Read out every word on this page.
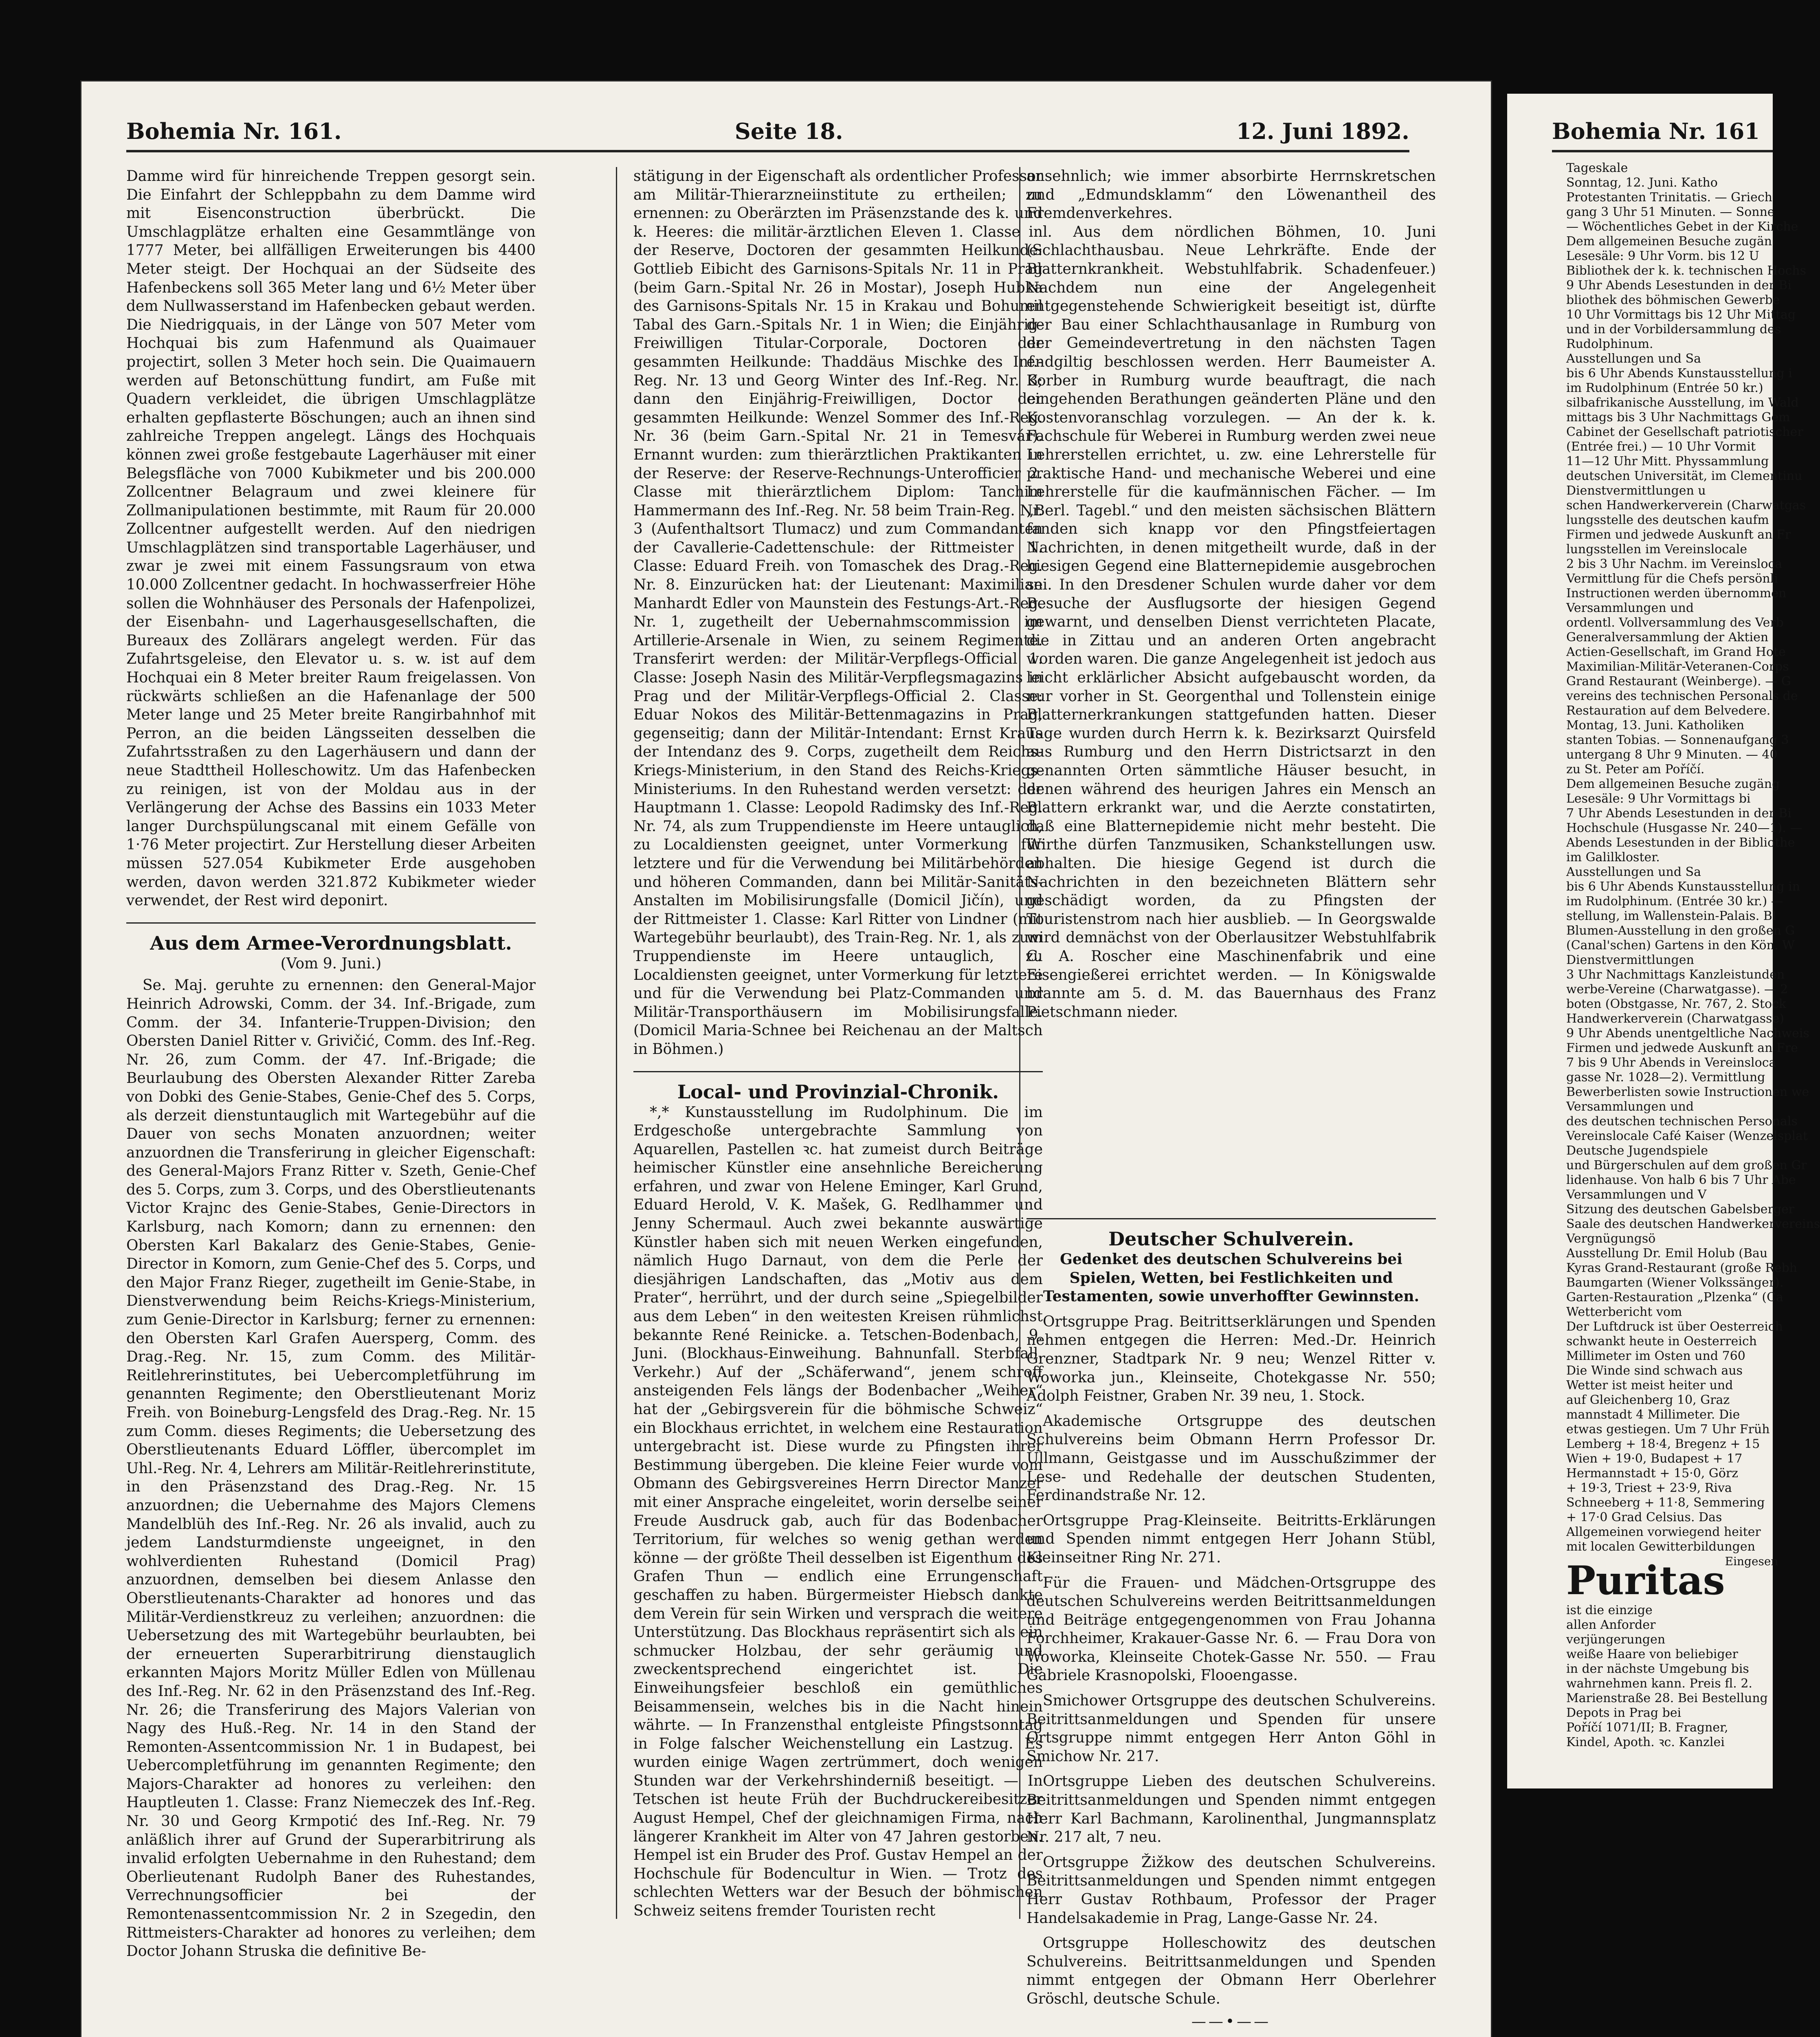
Bohemia Nr. 161.	Seite 18.	12. Juni 1892.

Damme wird für hinreichende Treppen gesorgt sein. Die Einfahrt der Schleppbahn zu dem Damme wird mit Eisenconstruction überbrückt. Die Umschlagplätze erhalten eine Gesammtlänge von 1777 Meter, bei allfälligen Erweiterungen bis 4400 Meter steigt. Der Hochquai an der Südseite des Hafenbeckens soll 365 Meter lang und 6½ Meter über dem Nullwasserstand im Hafenbecken gebaut werden. Die Niedrigquais, in der Länge von 507 Meter vom Hochquai bis zum Hafenmund als Quaimauer projectirt, sollen 3 Meter hoch sein. Die Quaimauern werden auf Betonschüttung fundirt, am Fuße mit Quadern verkleidet, die übrigen Umschlagplätze erhalten gepflasterte Böschungen; auch an ihnen sind zahlreiche Treppen angelegt. Längs des Hochquais können zwei große festgebaute Lagerhäuser mit einer Belegsfläche von 7000 Kubikmeter und bis 200.000 Zollcentner Belagraum und zwei kleinere für Zollmanipulationen bestimmte, mit Raum für 20.000 Zollcentner aufgestellt werden. Auf den niedrigen Umschlagplätzen sind transportable Lagerhäuser, und zwar je zwei mit einem Fassungsraum von etwa 10.000 Zollcentner gedacht. In hochwasserfreier Höhe sollen die Wohnhäuser des Personals der Hafenpolizei, der Eisenbahn- und Lagerhausgesellschaften, die Bureaux des Zollärars angelegt werden. Für das Zufahrtsgeleise, den Elevator u. s. w. ist auf dem Hochquai ein 8 Meter breiter Raum freigelassen. Von rückwärts schließen an die Hafenanlage der 500 Meter lange und 25 Meter breite Rangirbahnhof mit Perron, an die beiden Längsseiten desselben die Zufahrtsstraßen zu den Lagerhäusern und dann der neue Stadttheil Holleschowitz. Um das Hafenbecken zu reinigen, ist von der Moldau aus in der Verlängerung der Achse des Bassins ein 1033 Meter langer Durchspülungscanal mit einem Gefälle von 1·76 Meter projectirt. Zur Herstellung dieser Arbeiten müssen 527.054 Kubikmeter Erde ausgehoben werden, davon werden 321.872 Kubikmeter wieder verwendet, der Rest wird deponirt.

Aus dem Armee-Verordnungsblatt.
(Vom 9. Juni.)

Se. Maj. geruhte zu ernennen: den General-Major Heinrich Adrowski, Comm. der 34. Inf.-Brigade, zum Comm. der 34. Infanterie-Truppen-Division; den Obersten Daniel Ritter v. Grivičić, Comm. des Inf.-Reg. Nr. 26, zum Comm. der 47. Inf.-Brigade; die Beurlaubung des Obersten Alexander Ritter Zareba von Dobki des Genie-Stabes, Genie-Chef des 5. Corps, als derzeit dienstuntauglich mit Wartegebühr auf die Dauer von sechs Monaten anzuordnen; weiter anzuordnen die Transferirung in gleicher Eigenschaft: des General-Majors Franz Ritter v. Szeth, Genie-Chef des 5. Corps, zum 3. Corps, und des Oberstlieutenants Victor Krajnc des Genie-Stabes, Genie-Directors in Karlsburg, nach Komorn; dann zu ernennen: den Obersten Karl Bakalarz des Genie-Stabes, Genie-Director in Komorn, zum Genie-Chef des 5. Corps, und den Major Franz Rieger, zugetheilt im Genie-Stabe, in Dienstverwendung beim Reichs-Kriegs-Ministerium, zum Genie-Director in Karlsburg; ferner zu ernennen: den Obersten Karl Grafen Auersperg, Comm. des Drag.-Reg. Nr. 15, zum Comm. des Militär-Reitlehrerinstitutes, bei Uebercompletführung im genannten Regimente; den Oberstlieutenant Moriz Freih. von Boineburg-Lengsfeld des Drag.-Reg. Nr. 15 zum Comm. dieses Regiments; die Uebersetzung des Oberstlieutenants Eduard Löffler, übercomplet im Uhl.-Reg. Nr. 4, Lehrers am Militär-Reitlehrerinstitute, in den Präsenzstand des Drag.-Reg. Nr. 15 anzuordnen; die Uebernahme des Majors Clemens Mandelblüh des Inf.-Reg. Nr. 26 als invalid, auch zu jedem Landsturmdienste ungeeignet, in den wohlverdienten Ruhestand (Domicil Prag) anzuordnen, demselben bei diesem Anlasse den Oberstlieutenants-Charakter ad honores und das Militär-Verdienstkreuz zu verleihen; anzuordnen: die Uebersetzung des mit Wartegebühr beurlaubten, bei der erneuerten Superarbitrirung dienstauglich erkannten Majors Moritz Müller Edlen von Müllenau des Inf.-Reg. Nr. 62 in den Präsenzstand des Inf.-Reg. Nr. 26; die Transferirung des Majors Valerian von Nagy des Huß.-Reg. Nr. 14 in den Stand der Remonten-Assentcommission Nr. 1 in Budapest, bei Uebercompletführung im genannten Regimente; den Majors-Charakter ad honores zu verleihen: den Hauptleuten 1. Classe: Franz Niemeczek des Inf.-Reg. Nr. 30 und Georg Krmpotić des Inf.-Reg. Nr. 79 anläßlich ihrer auf Grund der Superarbitrirung als invalid erfolgten Uebernahme in den Ruhestand; dem Oberlieutenant Rudolph Baner des Ruhestandes, Verrechnungsofficier bei der Remontenassentcommission Nr. 2 in Szegedin, den Rittmeisters-Charakter ad honores zu verleihen; dem Doctor Johann Struska die definitive Be-

stätigung in der Eigenschaft als ordentlicher Professor am Militär-Thierarzneiinstitute zu ertheilen; zu ernennen: zu Oberärzten im Präsenzstande des k. und k. Heeres: die militär-ärztlichen Eleven 1. Classe in der Reserve, Doctoren der gesammten Heilkunde: Gottlieb Eibicht des Garnisons-Spitals Nr. 11 in Prag (beim Garn.-Spital Nr. 26 in Mostar), Joseph Hubka des Garnisons-Spitals Nr. 15 in Krakau und Bohumil Tabal des Garn.-Spitals Nr. 1 in Wien; die Einjährig-Freiwilligen Titular-Corporale, Doctoren der gesammten Heilkunde: Thaddäus Mischke des Inf.-Reg. Nr. 13 und Georg Winter des Inf.-Reg. Nr. 3; dann den Einjährig-Freiwilligen, Doctor der gesammten Heilkunde: Wenzel Sommer des Inf.-Reg. Nr. 36 (beim Garn.-Spital Nr. 21 in Temesvár). Ernannt wurden: zum thierärztlichen Praktikanten in der Reserve: der Reserve-Rechnungs-Unterofficier 2. Classe mit thierärztlichem Diplom: Tanchim Hammermann des Inf.-Reg. Nr. 58 beim Train-Reg. Nr. 3 (Aufenthaltsort Tlumacz) und zum Commandanten der Cavallerie-Cadettenschule: der Rittmeister 1. Classe: Eduard Freih. von Tomaschek des Drag.-Reg. Nr. 8. Einzurücken hat: der Lieutenant: Maximilian Manhardt Edler von Maunstein des Festungs-Art.-Reg. Nr. 1, zugetheilt der Uebernahmscommission im Artillerie-Arsenale in Wien, zu seinem Regimente. Transferirt werden: der Militär-Verpflegs-Official 1. Classe: Joseph Nasin des Militär-Verpflegsmagazins in Prag und der Militär-Verpflegs-Official 2. Classe: Eduar Nokos des Militär-Bettenmagazins in Prag, gegenseitig; dann der Militär-Intendant: Ernst Kraus der Intendanz des 9. Corps, zugetheilt dem Reichs-Kriegs-Ministerium, in den Stand des Reichs-Kriegs-Ministeriums. In den Ruhestand werden versetzt: der Hauptmann 1. Classe: Leopold Radimsky des Inf.-Reg. Nr. 74, als zum Truppendienste im Heere untauglich, zu Localdiensten geeignet, unter Vormerkung für letztere und für die Verwendung bei Militärbehörden und höheren Commanden, dann bei Militär-Sanitäts-Anstalten im Mobilisirungsfalle (Domicil Jičín), und der Rittmeister 1. Classe: Karl Ritter von Lindner (mit Wartegebühr beurlaubt), des Train-Reg. Nr. 1, als zum Truppendienste im Heere untauglich, zu Localdiensten geeignet, unter Vormerkung für letztere und für die Verwendung bei Platz-Commanden und Militär-Transporthäusern im Mobilisirungsfalle. (Domicil Maria-Schnee bei Reichenau an der Maltsch in Böhmen.)

Local- und Provinzial-Chronik.

*,* Kunstausstellung im Rudolphinum. Die im Erdgeschoße untergebrachte Sammlung von Aquarellen, Pastellen ꝛc. hat zumeist durch Beiträge heimischer Künstler eine ansehnliche Bereicherung erfahren, und zwar von Helene Eminger, Karl Grund, Eduard Herold, V. K. Mašek, G. Redlhammer und Jenny Schermaul. Auch zwei bekannte auswärtige Künstler haben sich mit neuen Werken eingefunden, nämlich Hugo Darnaut, von dem die Perle der diesjährigen Landschaften, das „Motiv aus dem Prater“, herrührt, und der durch seine „Spiegelbilder aus dem Leben“ in den weitesten Kreisen rühmlichst bekannte René Reinicke. a. Tetschen-Bodenbach, 9. Juni. (Blockhaus-Einweihung. Bahnunfall. Sterbfall. Verkehr.) Auf der „Schäferwand“, jenem schroff ansteigenden Fels längs der Bodenbacher „Weiher“ hat der „Gebirgsverein für die böhmische Schweiz“ ein Blockhaus errichtet, in welchem eine Restauration untergebracht ist. Diese wurde zu Pfingsten ihrer Bestimmung übergeben. Die kleine Feier wurde vom Obmann des Gebirgsvereines Herrn Director Manzer mit einer Ansprache eingeleitet, worin derselbe seiner Freude Ausdruck gab, auch für das Bodenbacher Territorium, für welches so wenig gethan werden könne — der größte Theil desselben ist Eigenthum des Grafen Thun — endlich eine Errungenschaft geschaffen zu haben. Bürgermeister Hiebsch dankte dem Verein für sein Wirken und versprach die weitere Unterstützung. Das Blockhaus repräsentirt sich als ein schmucker Holzbau, der sehr geräumig und zweckentsprechend eingerichtet ist. Die Einweihungsfeier beschloß ein gemüthliches Beisammensein, welches bis in die Nacht hinein währte. — In Franzensthal entgleiste Pfingstsonntag in Folge falscher Weichenstellung ein Lastzug. Es wurden einige Wagen zertrümmert, doch wenigen Stunden war der Verkehrshinderniß beseitigt. — In Tetschen ist heute Früh der Buchdruckereibesitzer August Hempel, Chef der gleichnamigen Firma, nach längerer Krankheit im Alter von 47 Jahren gestorben. Hempel ist ein Bruder des Prof. Gustav Hempel an der Hochschule für Bodencultur in Wien. — Trotz des schlechten Wetters war der Besuch der böhmischen Schweiz seitens fremder Touristen recht

ansehnlich; wie immer absorbirte Herrnskretschen und „Edmundsklamm“ den Löwenantheil des Fremdenverkehres.

l. Aus dem nördlichen Böhmen, 10. Juni (Schlachthausbau. Neue Lehrkräfte. Ende der Blatternkrankheit. Webstuhlfabrik. Schadenfeuer.) Nachdem nun eine der Angelegenheit entgegenstehende Schwierigkeit beseitigt ist, dürfte der Bau einer Schlachthausanlage in Rumburg von der Gemeindevertretung in den nächsten Tagen endgiltig beschlossen werden. Herr Baumeister A. Korber in Rumburg wurde beauftragt, die nach eingehenden Berathungen geänderten Pläne und den Kostenvoranschlag vorzulegen. — An der k. k. Fachschule für Weberei in Rumburg werden zwei neue Lehrerstellen errichtet, u. zw. eine Lehrerstelle für praktische Hand- und mechanische Weberei und eine Lehrerstelle für die kaufmännischen Fächer. — Im „Berl. Tagebl.“ und den meisten sächsischen Blättern fanden sich knapp vor den Pfingstfeiertagen Nachrichten, in denen mitgetheilt wurde, daß in der hiesigen Gegend eine Blatternepidemie ausgebrochen sei. In den Dresdener Schulen wurde daher vor dem Besuche der Ausflugsorte der hiesigen Gegend gewarnt, und denselben Dienst verrichteten Placate, die in Zittau und an anderen Orten angebracht worden waren. Die ganze Angelegenheit ist jedoch aus leicht erklärlicher Absicht aufgebauscht worden, da nur vorher in St. Georgenthal und Tollenstein einige Blatternerkrankungen stattgefunden hatten. Dieser Tage wurden durch Herrn k. k. Bezirksarzt Quirsfeld aus Rumburg und den Herrn Districtsarzt in den genannten Orten sämmtliche Häuser besucht, in denen während des heurigen Jahres ein Mensch an Blattern erkrankt war, und die Aerzte constatirten, daß eine Blatternepidemie nicht mehr besteht. Die Wirthe dürfen Tanzmusiken, Schankstellungen usw. abhalten. Die hiesige Gegend ist durch die Nachrichten in den bezeichneten Blättern sehr geschädigt worden, da zu Pfingsten der Touristenstrom nach hier ausblieb. — In Georgswalde wird demnächst von der Oberlausitzer Webstuhlfabrik C. A. Roscher eine Maschinenfabrik und eine Eisengießerei errichtet werden. — In Königswalde brannte am 5. d. M. das Bauernhaus des Franz Pietschmann nieder.

Deutscher Schulverein.

Gedenket des deutschen Schulvereins bei Spielen, Wetten, bei Festlichkeiten und Testamenten, sowie unverhoffter Gewinnsten.

Ortsgruppe Prag. Beitrittserklärungen und Spenden nehmen entgegen die Herren: Med.-Dr. Heinrich Grenzner, Stadtpark Nr. 9 neu; Wenzel Ritter v. Woworka jun., Kleinseite, Chotekgasse Nr. 550; Adolph Feistner, Graben Nr. 39 neu, 1. Stock.

Akademische Ortsgruppe des deutschen Schulvereins beim Obmann Herrn Professor Dr. Ullmann, Geistgasse und im Ausschußzimmer der Lese- und Redehalle der deutschen Studenten, Ferdinandstraße Nr. 12.

Ortsgruppe Prag-Kleinseite. Beitritts-Erklärungen und Spenden nimmt entgegen Herr Johann Stübl, Kleinseitner Ring Nr. 271.

Für die Frauen- und Mädchen-Ortsgruppe des deutschen Schulvereins werden Beitrittsanmeldungen und Beiträge entgegengenommen von Frau Johanna Forchheimer, Krakauer-Gasse Nr. 6. — Frau Dora von Woworka, Kleinseite Chotek-Gasse Nr. 550. — Frau Gabriele Krasnopolski, Flooengasse.

Smichower Ortsgruppe des deutschen Schulvereins. Beitrittsanmeldungen und Spenden für unsere Ortsgruppe nimmt entgegen Herr Anton Göhl in Smichow Nr. 217.

Ortsgruppe Lieben des deutschen Schulvereins. Beitrittsanmeldungen und Spenden nimmt entgegen Herr Karl Bachmann, Karolinenthal, Jungmannsplatz Nr. 217 alt, 7 neu.

Ortsgruppe Žižkow des deutschen Schulvereins. Beitrittsanmeldungen und Spenden nimmt entgegen Herr Gustav Rothbaum, Professor der Prager Handelsakademie in Prag, Lange-Gasse Nr. 24.

Ortsgruppe Holleschowitz des deutschen Schulvereins. Beitrittsanmeldungen und Spenden nimmt entgegen der Obmann Herr Oberlehrer Gröschl, deutsche Schule.

——•——
Bohemia Nr. 161
Tageskale
Sonntag, 12. Juni. Katho
Protestanten Trinitatis. — Griech
gang 3 Uhr 51 Minuten. — Sonne
— Wöchentliches Gebet in der Kirche
Dem allgemeinen Besuche zugän
Lesesäle: 9 Uhr Vorm. bis 12 U
Bibliothek der k. k. technischen Hochs
9 Uhr Abends Lesestunden in der Bi
bliothek des böhmischen Gewerbe
10 Uhr Vormittags bis 12 Uhr Mittag
und in der Vorbildersammlung des
Rudolphinum.
Ausstellungen und Sa
bis 6 Uhr Abends Kunstausstellung i
im Rudolphinum (Entrée 50 kr.)
silbafrikanische Ausstellung, im Wald
mittags bis 3 Uhr Nachmittags Gem
Cabinet der Gesellschaft patriotischer
(Entrée frei.) — 10 Uhr Vormit
11—12 Uhr Mitt. Physsammlung
deutschen Universität, im Clementinu
Dienstvermittlungen u
schen Handwerkerverein (Charwatgas
lungsstelle des deutschen kaufm
Firmen und jedwede Auskunft an Fr
lungsstellen im Vereinslocale
2 bis 3 Uhr Nachm. im Vereinsloca
Vermittlung für die Chefs persönli
Instructionen werden übernommen
Versammlungen und
ordentl. Vollversammlung des Verb
Generalversammlung der Aktien
Actien-Gesellschaft, im Grand Hote
Maximilian-Militär-Veteranen-Corps
Grand Restaurant (Weinberge). — G
vereins des technischen Personals de
Restauration auf dem Belvedere.
Montag, 13. Juni. Katholiken
stanten Tobias. — Sonnenaufgang 3
untergang 8 Uhr 9 Minuten. — 40
zu St. Peter am Poříčí.
Dem allgemeinen Besuche zugäng
Lesesäle: 9 Uhr Vormittags bi
7 Uhr Abends Lesestunden in der Bi
Hochschule (Husgasse Nr. 240—1). —
Abends Lesestunden in der Bibliothe
im Galilkloster.
Ausstellungen und Sa
bis 6 Uhr Abends Kunstausstellung in
im Rudolphinum. (Entrée 30 kr.) —
stellung, im Wallenstein-Palais. Bl
Blumen-Ausstellung in den großen G
(Canal'schen) Gartens in den Kön. W
Dienstvermittlungen
3 Uhr Nachmittags Kanzleistunden
werbe-Vereine (Charwatgasse). — 2
boten (Obstgasse, Nr. 767, 2. Stock
Handwerkerverein (Charwatgasse)
9 Uhr Abends unentgeltliche Nachweis
Firmen und jedwede Auskunft an Fre
7 bis 9 Uhr Abends in Vereinsloca
gasse Nr. 1028—2). Vermittlung
Bewerberlisten sowie Instructionen we
Versammlungen und
des deutschen technischen Personals
Vereinslocale Café Kaiser (Wenzelsplat
Deutsche Jugendspiele
und Bürgerschulen auf dem großen Gr
lidenhause. Von halb 6 bis 7 Uhr Abe
Versammlungen und V
Sitzung des deutschen Gabelsberger
Saale des deutschen Handwerkervereins
Vergnügungsö
Ausstellung Dr. Emil Holub (Bau
Kyras Grand-Restaurant (große Rebh
Baumgarten (Wiener Volkssänger).
Garten-Restauration „Plzenka“ (Ca
Wetterbericht vom
Der Luftdruck ist über Oesterreich
schwankt heute in Oesterreich
Millimeter im Osten und 760
Die Winde sind schwach aus
Wetter ist meist heiter und
auf Gleichenberg 10, Graz
mannstadt 4 Millimeter. Die
etwas gestiegen. Um 7 Uhr Früh
Lemberg + 18·4, Bregenz + 15
Wien + 19·0, Budapest + 17
Hermannstadt + 15·0, Görz
+ 19·3, Triest + 23·9, Riva
Schneeberg + 11·8, Semmering
+ 17·0 Grad Celsius. Das
Allgemeinen vorwiegend heiter
mit localen Gewitterbildungen
Puritas Eingesen
ist die einzige
allen Anforder
verjüngerungen
weiße Haare von beliebiger
in der nächste Umgebung bis
wahrnehmen kann. Preis fl. 2.
Marienstraße 28. Bei Bestellung
Depots in Prag bei
Poříčí 1071/II; B. Fragner,
Kindel, Apoth. ꝛc. Kanzlei
